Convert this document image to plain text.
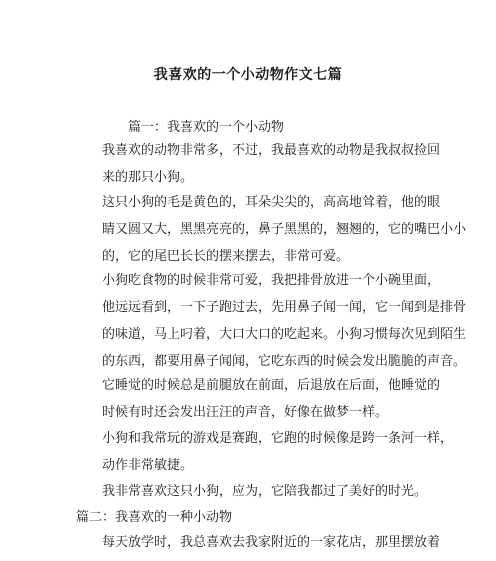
我喜欢的一个小动物作文七篇
篇一：我喜欢的一个小动物

我喜欢的动物非常多，不过，我最喜欢的动物是我叔叔捡回
来的那只小狗。

这只小狗的毛是黄色的，耳朵尖尖的，高高地耸着，他的眼
睛又圆又大，黑黑亮亮的，鼻子黑黑的，翘翘的，它的嘴巴小小
的，它的尾巴长长的摆来摆去，非常可爱。

小狗吃食物的时候非常可爱，我把排骨放进一个小碗里面，
他远远看到，一下子跑过去，先用鼻子闻一闻，它一闻到是排骨
的味道，马上叼着，大口大口的吃起来。小狗习惯每次见到陌生
的东西，都要用鼻子闻闻，它吃东西的时候会发出脆脆的声音。

它睡觉的时候总是前腿放在前面，后退放在后面，他睡觉的
时候有时还会发出汪汪的声音，好像在做梦一样。

小狗和我常玩的游戏是赛跑，它跑的时候像是跨一条河一样，
动作非常敏捷。

我非常喜欢这只小狗，应为，它陪我都过了美好的时光。

篇二：我喜欢的一种小动物

每天放学时，我总喜欢去我家附近的一家花店，那里摆放着
